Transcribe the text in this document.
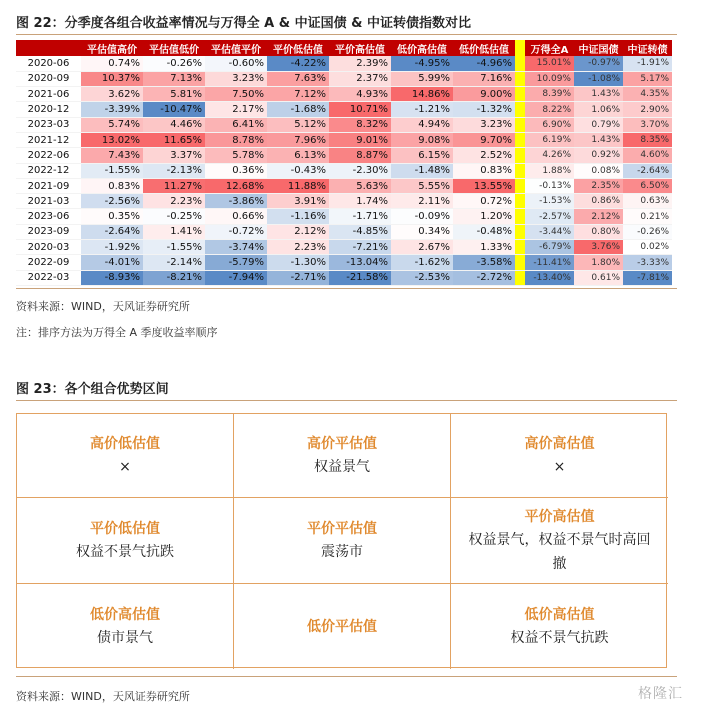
图 22：分季度各组合收益率情况与万得全 A & 中证国债 & 中证转债指数对比
	平估值高价	平估值低价	平估值平价	平价低估值	平价高估值	低价高估值	低价低估值		万得全A	中证国债	中证转债
2020-06	0.74%	-0.26%	-0.60%	-4.22%	2.39%	-4.95%	-4.96%		15.01%	-0.97%	-1.91%
2020-09	10.37%	7.13%	3.23%	7.63%	2.37%	5.99%	7.16%		10.09%	-1.08%	5.17%
2021-06	3.62%	5.81%	7.50%	7.12%	4.93%	14.86%	9.00%		8.39%	1.43%	4.35%
2020-12	-3.39%	-10.47%	2.17%	-1.68%	10.71%	-1.21%	-1.32%		8.22%	1.06%	2.90%
2023-03	5.74%	4.46%	6.41%	5.12%	8.32%	4.94%	3.23%		6.90%	0.79%	3.70%
2021-12	13.02%	11.65%	8.78%	7.96%	9.01%	9.08%	9.70%		6.19%	1.43%	8.35%
2022-06	7.43%	3.37%	5.78%	6.13%	8.87%	6.15%	2.52%		4.26%	0.92%	4.60%
2022-12	-1.55%	-2.13%	0.36%	-0.43%	-2.30%	-1.48%	0.83%		1.88%	0.08%	-2.64%
2021-09	0.83%	11.27%	12.68%	11.88%	5.63%	5.55%	13.55%		-0.13%	2.35%	6.50%
2021-03	-2.56%	2.23%	-3.86%	3.91%	1.74%	2.11%	0.72%		-1.53%	0.86%	0.63%
2023-06	0.35%	-0.25%	0.66%	-1.16%	-1.71%	-0.09%	1.20%		-2.57%	2.12%	0.21%
2023-09	-2.64%	1.41%	-0.72%	2.12%	-4.85%	0.34%	-0.48%		-3.44%	0.80%	-0.26%
2020-03	-1.92%	-1.55%	-3.74%	2.23%	-7.21%	2.67%	1.33%		-6.79%	3.76%	0.02%
2022-09	-4.01%	-2.14%	-5.79%	-1.30%	-13.04%	-1.62%	-3.58%		-11.41%	1.80%	-3.33%
2022-03	-8.93%	-8.21%	-7.94%	-2.71%	-21.58%	-2.53%	-2.72%		-13.40%	0.61%	-7.81%
资料来源：WIND，天风证券研究所
注：排序方法为万得全 A 季度收益率顺序
图 23：各个组合优势区间
高价低估值
×
高价平估值
权益景气
高价高估值
×
平价低估值
权益不景气抗跌
平价平估值
震荡市
平价高估值
权益景气，权益不景气时高回撤
低价高估值
债市景气
低价平估值
低价高估值
权益不景气抗跌
资料来源：WIND，天风证券研究所	格隆汇
